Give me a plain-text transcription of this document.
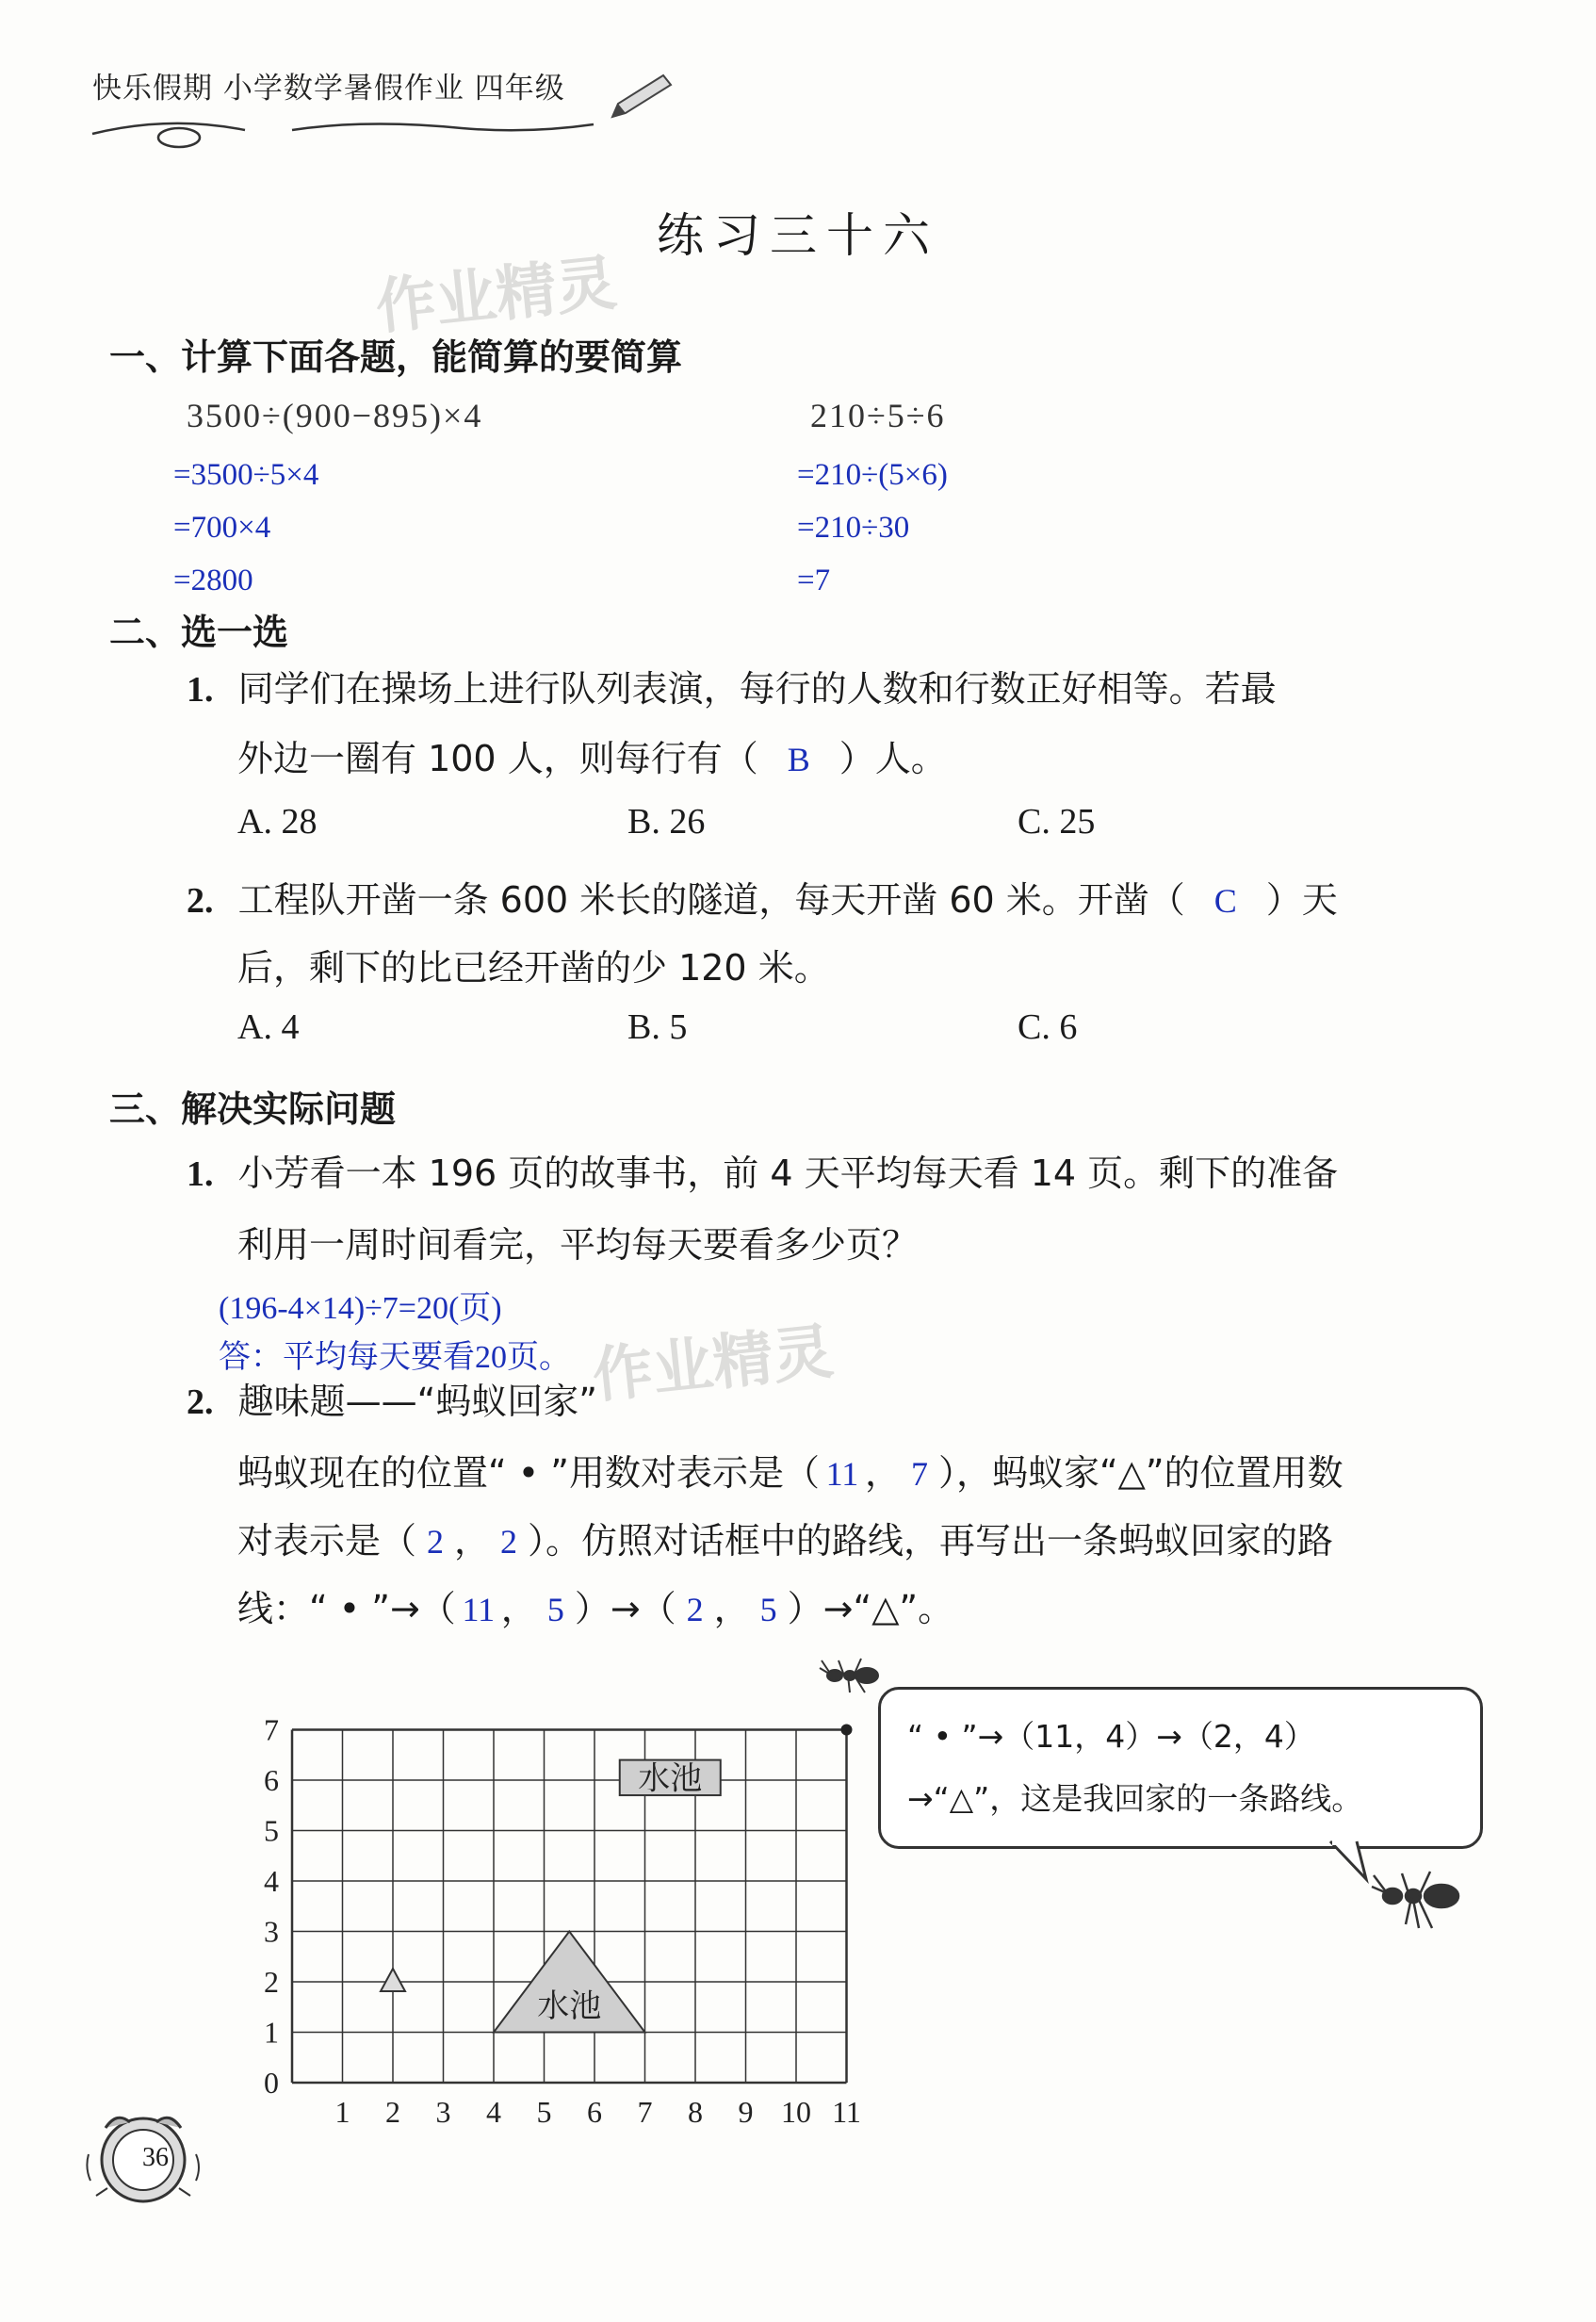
快乐假期 小学数学暑假作业 四年级
练习三十六
作业精灵
一、计算下面各题，能简算的要简算
3500÷(900−895)×4
=3500÷5×4
=700×4
=2800
210÷5÷6
=210÷(5×6)
=210÷30
=7
二、选一选
1. 同学们在操场上进行队列表演，每行的人数和行数正好相等。若最
外边一圈有 100 人，则每行有（ B ）人。
A. 28	B. 26	C. 25
2. 工程队开凿一条 600 米长的隧道，每天开凿 60 米。开凿（ C ）天
后，剩下的比已经开凿的少 120 米。
A. 4	B. 5	C. 6
三、解决实际问题
1. 小芳看一本 196 页的故事书，前 4 天平均每天看 14 页。剩下的准备
利用一周时间看完，平均每天要看多少页？
(196-4×14)÷7=20(页)
答：平均每天要看20页。 作业精灵
2. 趣味题——“蚂蚁回家”
蚂蚁现在的位置“ • ”用数对表示是（ 11 ， 7 ），蚂蚁家“△”的位置用数
对表示是（ 2 ， 2 ）。仿照对话框中的路线，再写出一条蚂蚁回家的路
线：“ • ”→（ 11 ， 5 ）→（ 2 ， 5 ）→“△”。
1 2 3 4 5 6 7 8 9 10 11
0
1
2
3
4
5
6
7
水池
水池
“ • ”→（11，4）→（2，4）
→“△”，这是我回家的一条路线。
36
